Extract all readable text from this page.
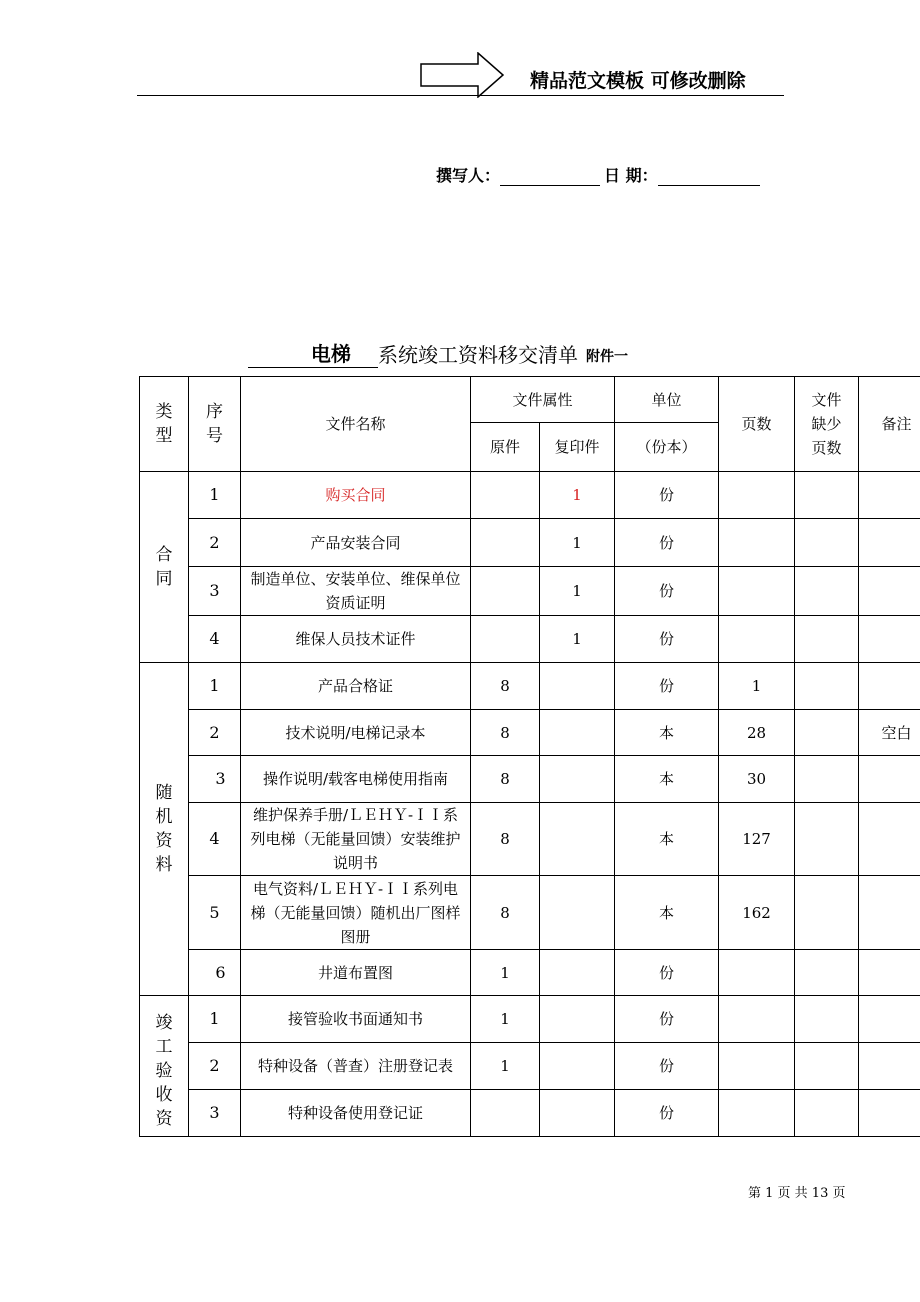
精品范文模板 可修改删除
撰写人：	日 期：
电梯	系统竣工资料移交清单 附件一
类型	序号	文件名称	文件属性		单位	页数	文件缺少页数	备注
			原件	复印件	（份本）			
合同	1	购买合同		1	份			
	2	产品安装合同		1	份			
	3	制造单位、安装单位、维保单位资质证明		1	份			
	4	维保人员技术证件		1	份			
随机资料	1	产品合格证	8		份	1		
	2	技术说明/电梯记录本	8		本	28		空白
	3	操作说明/载客电梯使用指南	8		本	30		
	4	维护保养手册/ＬＥＨＹ-ＩＩ系列电梯（无能量回馈）安装维护说明书	8		本	127		
	5	电气资料/ＬＥＨＹ-ＩＩ系列电梯（无能量回馈）随机出厂图样图册	8		本	162		
	6	井道布置图	1		份			
竣工验收资	1	接管验收书面通知书	1		份			
	2	特种设备（普查）注册登记表	1		份			
	3	特种设备使用登记证			份			
第 1 页 共 13 页
